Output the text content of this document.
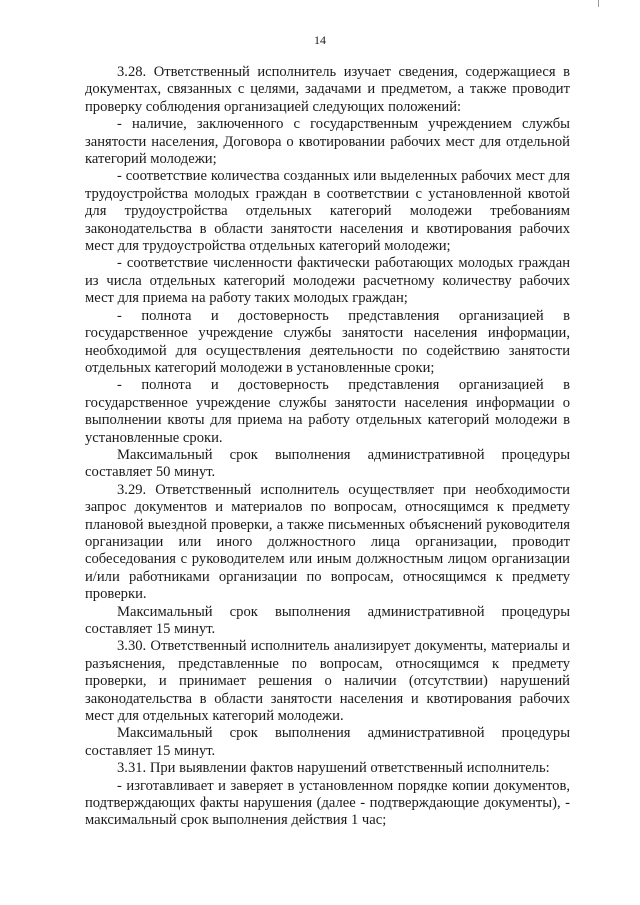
14

3.28. Ответственный исполнитель изучает сведения, содержащиеся в документах, связанных с целями, задачами и предметом, а также проводит проверку соблюдения организацией следующих положений:

- наличие, заключенного с государственным учреждением службы занятости населения, Договора о квотировании рабочих мест для отдельной категорий молодежи;

- соответствие количества созданных или выделенных рабочих мест для трудоустройства молодых граждан в соответствии с установленной квотой для трудоустройства отдельных категорий молодежи требованиям законодательства в области занятости населения и квотирования рабочих мест для трудоустройства отдельных категорий молодежи;

- соответствие численности фактически работающих молодых граждан из числа отдельных категорий молодежи расчетному количеству рабочих мест для приема на работу таких молодых граждан;

- полнота и достоверность представления организацией в государственное учреждение службы занятости населения информации, необходимой для осуществления деятельности по содействию занятости отдельных категорий молодежи в установленные сроки;

- полнота и достоверность представления организацией в государственное учреждение службы занятости населения информации о выполнении квоты для приема на работу отдельных категорий молодежи в установленные сроки.

Максимальный срок выполнения административной процедуры составляет 50 минут.

3.29. Ответственный исполнитель осуществляет при необходимости запрос документов и материалов по вопросам, относящимся к предмету плановой выездной проверки, а также письменных объяснений руководителя организации или иного должностного лица организации, проводит собеседования с руководителем или иным должностным лицом организации и/или работниками организации по вопросам, относящимся к предмету проверки.

Максимальный срок выполнения административной процедуры составляет 15 минут.

3.30. Ответственный исполнитель анализирует документы, материалы и разъяснения, представленные по вопросам, относящимся к предмету проверки, и принимает решения о наличии (отсутствии) нарушений законодательства в области занятости населения и квотирования рабочих мест для отдельных категорий молодежи.

Максимальный срок выполнения административной процедуры составляет 15 минут.

3.31. При выявлении фактов нарушений ответственный исполнитель:

- изготавливает и заверяет в установленном порядке копии документов, подтверждающих факты нарушения (далее - подтверждающие документы), - максимальный срок выполнения действия 1 час;
